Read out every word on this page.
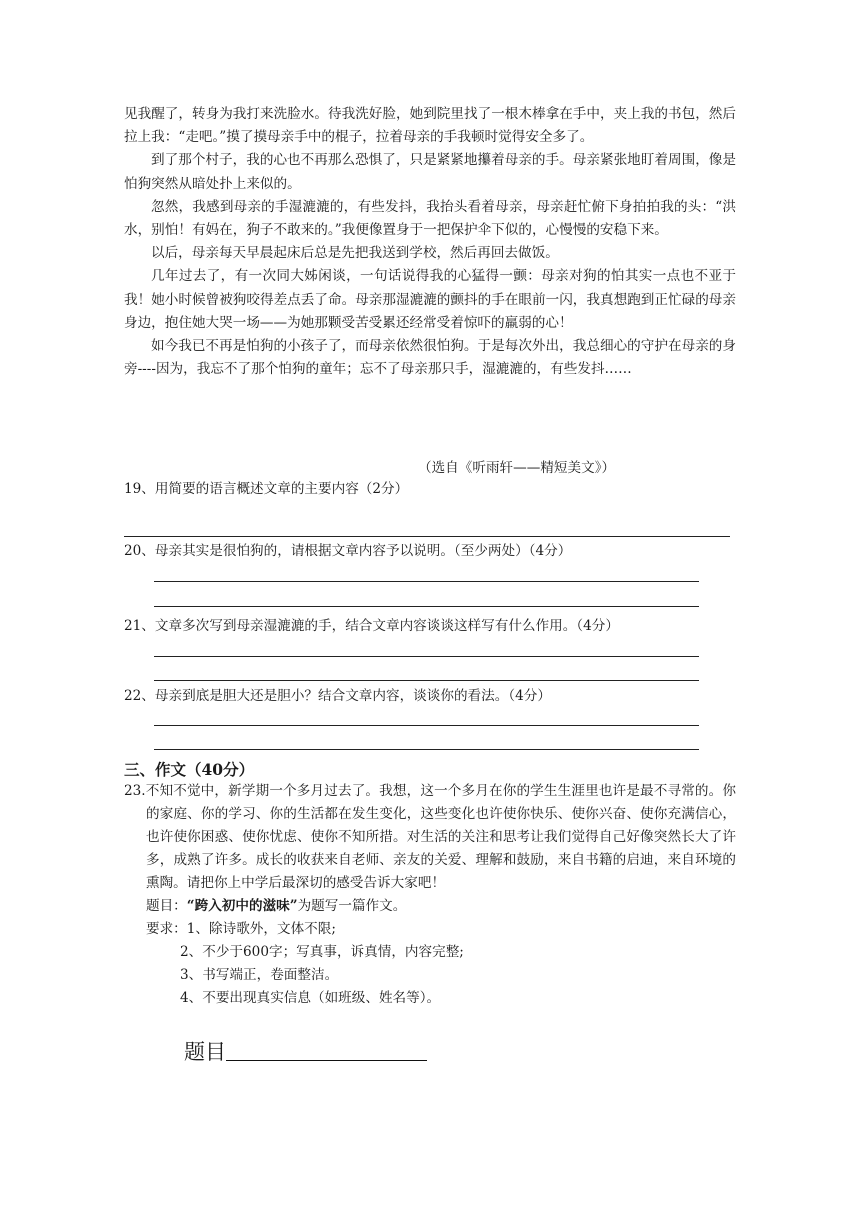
见我醒了，转身为我打来洗脸水。待我洗好脸，她到院里找了一根木棒拿在手中，夹上我的书包，然后拉上我：“走吧。”摸了摸母亲手中的棍子，拉着母亲的手我顿时觉得安全多了。

到了那个村子，我的心也不再那么恐惧了，只是紧紧地攥着母亲的手。母亲紧张地盯着周围，像是怕狗突然从暗处扑上来似的。

忽然，我感到母亲的手湿漉漉的，有些发抖，我抬头看着母亲，母亲赶忙俯下身拍拍我的头：“洪水，别怕！有妈在，狗子不敢来的。”我便像置身于一把保护伞下似的，心慢慢的安稳下来。

以后，母亲每天早晨起床后总是先把我送到学校，然后再回去做饭。

几年过去了，有一次同大姊闲谈，一句话说得我的心猛得一颤：母亲对狗的怕其实一点也不亚于我！她小时候曾被狗咬得差点丢了命。母亲那湿漉漉的颤抖的手在眼前一闪，我真想跑到正忙碌的母亲身边，抱住她大哭一场——为她那颗受苦受累还经常受着惊吓的羸弱的心！

如今我已不再是怕狗的小孩子了，而母亲依然很怕狗。于是每次外出，我总细心的守护在母亲的身旁----因为，我忘不了那个怕狗的童年；忘不了母亲那只手，湿漉漉的，有些发抖……

（选自《听雨轩——精短美文》）
19、用简要的语言概述文章的主要内容（2分）
20、母亲其实是很怕狗的，请根据文章内容予以说明。（至少两处）（4分）
21、文章多次写到母亲湿漉漉的手，结合文章内容谈谈这样写有什么作用。（4分）
22、母亲到底是胆大还是胆小？结合文章内容，谈谈你的看法。（4分）
三、作文（40分）

23.不知不觉中，新学期一个多月过去了。我想，这一个多月在你的学生生涯里也许是最不寻常的。你的家庭、你的学习、你的生活都在发生变化，这些变化也许使你快乐、使你兴奋、使你充满信心，也许使你困惑、使你忧虑、使你不知所措。对生活的关注和思考让我们觉得自己好像突然长大了许多，成熟了许多。成长的收获来自老师、亲友的关爱、理解和鼓励，来自书籍的启迪，来自环境的熏陶。请把你上中学后最深切的感受告诉大家吧！

题目：“跨入初中的滋味”为题写一篇作文。

要求：1、除诗歌外，文体不限;

2、不少于600字；写真事，诉真情，内容完整;

3、书写端正，卷面整洁。

4、不要出现真实信息（如班级、姓名等）。

题目
